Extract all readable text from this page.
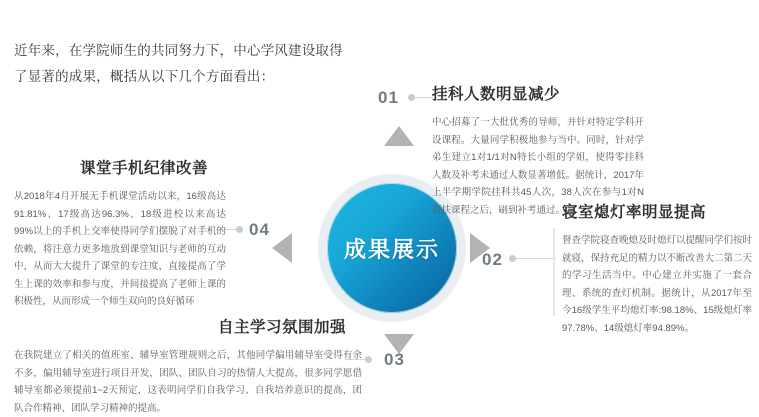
近年来，在学院师生的共同努力下，中心学风建设取得了显著的成果，概括从以下几个方面看出：
成果展示
01
02
03
04
挂科人数明显减少

中心招募了一大批优秀的导师，并针对特定学科开设课程。大量同学积极地参与当中。同时，针对学弟生建立1对1/1对N特长小组的学姐，使得零挂科人数及补考未通过人数显著增低。据统计，2017年上半学期学院挂科共45人次，38人次在参与1对N帮扶课程之后，刷到补考通过。

寝室熄灯率明显提高

督查学院寝查晚熄及时熄灯以提醒同学们按时就寝，保持充足的精力以不断改善大二第二天的学习生活当中。中心建立并实施了一套合理、系统的查灯机制。据统计，从2017年至今16级学生平均熄灯率:98.18%、15级熄灯率97.78%、14级熄灯率94.89%。

自主学习氛围加强

在我院建立了相关的值班室、辅导室管理规则之后，其他同学偏用辅导室受得有余不多，偏用辅导室进行项目开发，团队、团队自习的热情人大提高，很多同学愿借辅导室都必须提前1~2天预定，这表明同学们自我学习、自我培养意识的提高，团队合作精神、团队学习精神的提高。

课堂手机纪律改善

从2018年4月开展无手机课堂活动以来，16级高达91.81%、17级高达96.3%、18级进校以来高达99%以上的手机上交率使得同学们摆脱了对手机的依赖，将注意力更多地放到课堂知识与老师的互动中，从而大大提升了课堂的专注度，直接提高了学生上课的效率和参与度，并间接提高了老师上课的积极性，从而形成一个师生双向的良好循环
